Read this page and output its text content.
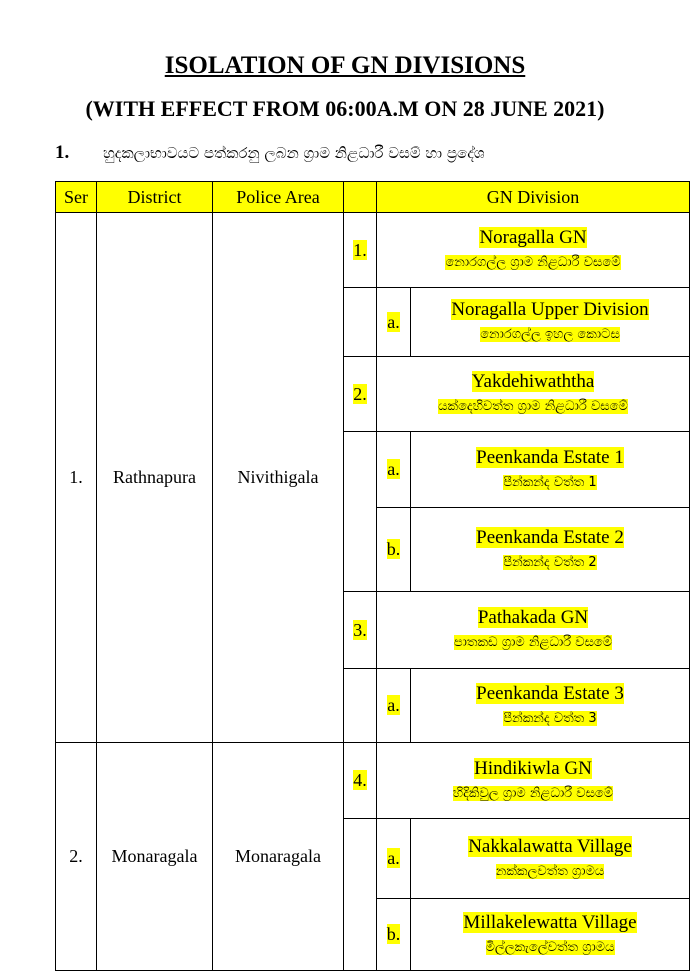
ISOLATION OF GN DIVISIONS
(WITH EFFECT FROM 06:00A.M ON 28 JUNE 2021)
1. හුදකලාභාවයට පත්කරනු ලබන ග්‍රාම නිළධාරී වසම් හා ප්‍රදේශ
Ser	District	Police Area		GN Division	
1.	Rathnapura	Nivithigala	1.	Noragalla GN
නොරගල්ල ග්‍රාම නිළධාරී වසමේ	

				a.	Noragalla Upper Division
නොරගල්ල ඉහල කොටස

			2.	Yakdehiwaththa
යක්දෙහිවත්ත ග්‍රාම නිළධාරී වසමේ	

				a.	Peenkanda Estate 1
පීන්කන්ද වත්ත 1

				b.	Peenkanda Estate 2
පීන්කන්ද වත්ත 2

			3.	Pathakada GN
පාතකඩ ග්‍රාම නිළධාරී වසමේ	

				a.	Peenkanda Estate 3
පීන්කන්ද වත්ත 3

2.	Monaragala	Monaragala	4.	Hindikiwla GN
හිදිකිවුල ග්‍රාම නිළධාරී වසමේ	

				a.	Nakkalawatta Village
නක්කලවත්ත ග්‍රාමය

				b.	Millakelewatta Village
මිල්ලකැලේවත්ත ග්‍රාමය
